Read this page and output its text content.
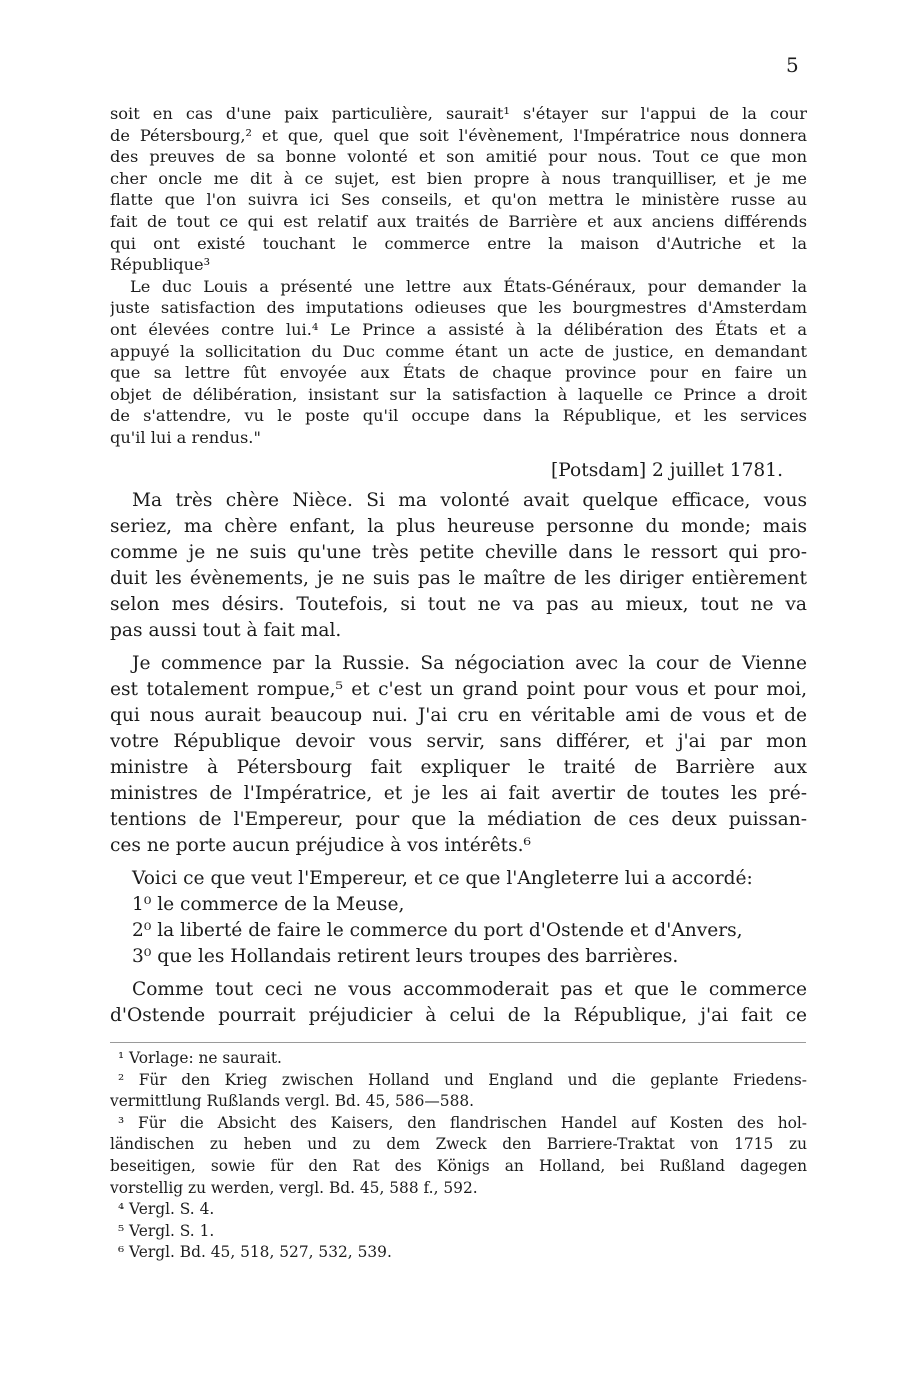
5
soit en cas d'une paix particulière, saurait¹ s'étayer sur l'appui de la cour
de Pétersbourg,² et que, quel que soit l'évènement, l'Impératrice nous donnera
des preuves de sa bonne volonté et son amitié pour nous. Tout ce que mon
cher oncle me dit à ce sujet, est bien propre à nous tranquilliser, et je me
flatte que l'on suivra ici Ses conseils, et qu'on mettra le ministère russe au
fait de tout ce qui est relatif aux traités de Barrière et aux anciens différends
qui ont existé touchant le commerce entre la maison d'Autriche et la
République³
Le duc Louis a présenté une lettre aux États-Généraux, pour demander la
juste satisfaction des imputations odieuses que les bourgmestres d'Amsterdam
ont élevées contre lui.⁴ Le Prince a assisté à la délibération des États et a
appuyé la sollicitation du Duc comme étant un acte de justice, en demandant
que sa lettre fût envoyée aux États de chaque province pour en faire un
objet de délibération, insistant sur la satisfaction à laquelle ce Prince a droit
de s'attendre, vu le poste qu'il occupe dans la République, et les services
qu'il lui a rendus."
[Potsdam] 2 juillet 1781.
Ma très chère Nièce. Si ma volonté avait quelque efficace, vous
seriez, ma chère enfant, la plus heureuse personne du monde; mais
comme je ne suis qu'une très petite cheville dans le ressort qui pro-
duit les évènements, je ne suis pas le maître de les diriger entièrement
selon mes désirs. Toutefois, si tout ne va pas au mieux, tout ne va
pas aussi tout à fait mal.
Je commence par la Russie. Sa négociation avec la cour de Vienne
est totalement rompue,⁵ et c'est un grand point pour vous et pour moi,
qui nous aurait beaucoup nui. J'ai cru en véritable ami de vous et de
votre République devoir vous servir, sans différer, et j'ai par mon
ministre à Pétersbourg fait expliquer le traité de Barrière aux
ministres de l'Impératrice, et je les ai fait avertir de toutes les pré-
tentions de l'Empereur, pour que la médiation de ces deux puissan-
ces ne porte aucun préjudice à vos intérêts.⁶
Voici ce que veut l'Empereur, et ce que l'Angleterre lui a accordé:
1⁰ le commerce de la Meuse,
2⁰ la liberté de faire le commerce du port d'Ostende et d'Anvers,
3⁰ que les Hollandais retirent leurs troupes des barrières.
Comme tout ceci ne vous accommoderait pas et que le commerce
d'Ostende pourrait préjudicier à celui de la République, j'ai fait ce
¹ Vorlage: ne saurait.
² Für den Krieg zwischen Holland und England und die geplante Friedens-
vermittlung Rußlands vergl. Bd. 45, 586—588.
³ Für die Absicht des Kaisers, den flandrischen Handel auf Kosten des hol-
ländischen zu heben und zu dem Zweck den Barriere-Traktat von 1715 zu
beseitigen, sowie für den Rat des Königs an Holland, bei Rußland dagegen
vorstellig zu werden, vergl. Bd. 45, 588 f., 592.
⁴ Vergl. S. 4.
⁵ Vergl. S. 1.
⁶ Vergl. Bd. 45, 518, 527, 532, 539.
